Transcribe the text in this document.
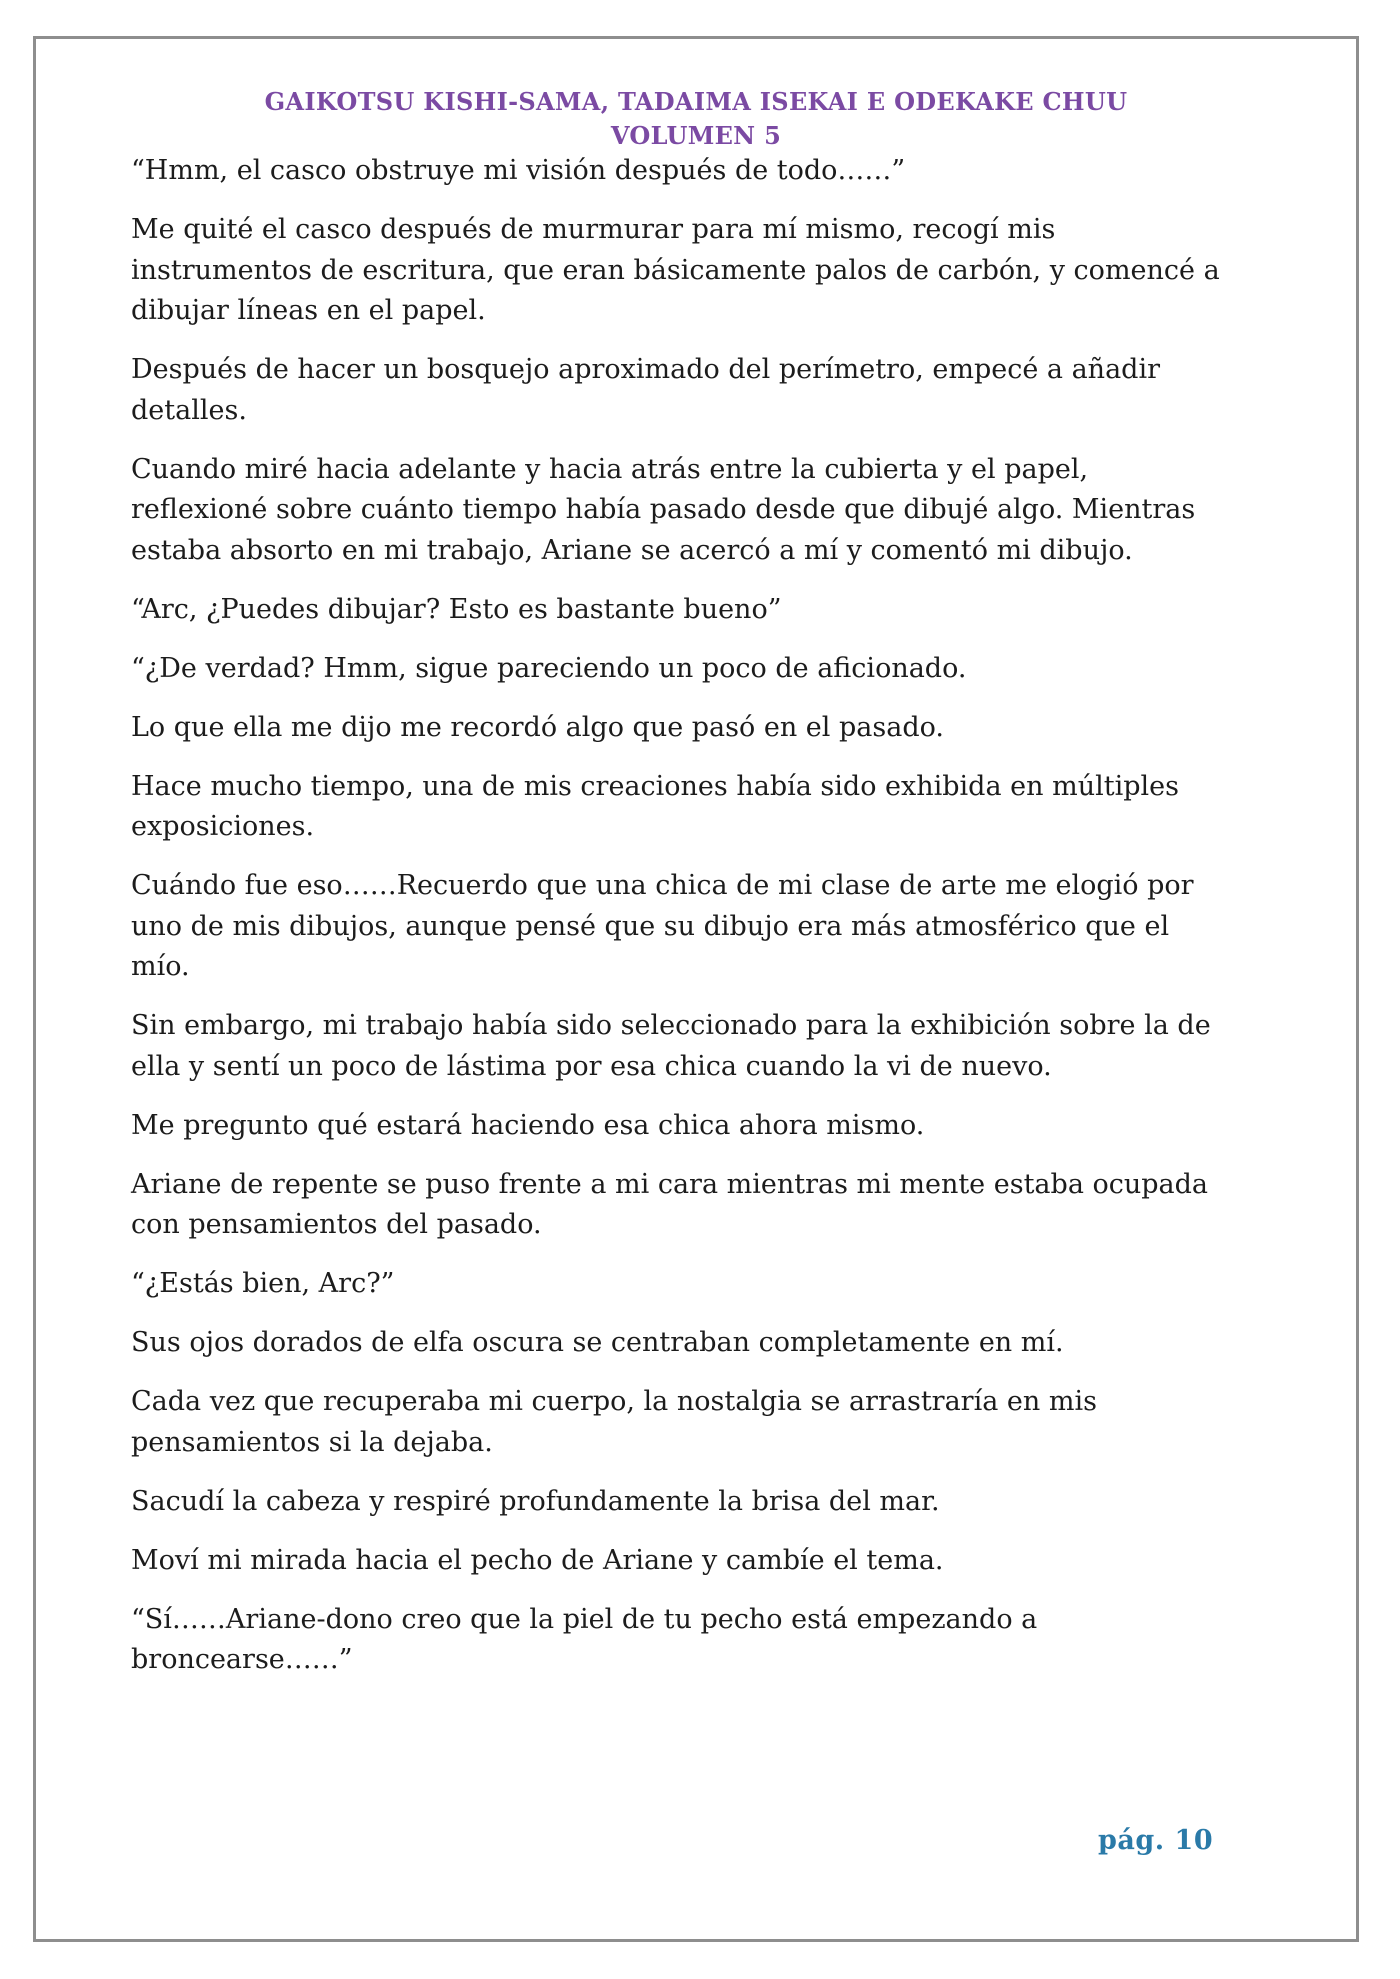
GAIKOTSU KISHI-SAMA, TADAIMA ISEKAI E ODEKAKE CHUU
VOLUMEN 5

“Hmm, el casco obstruye mi visión después de todo……”

Me quité el casco después de murmurar para mí mismo, recogí mis instrumentos de escritura, que eran básicamente palos de carbón, y comencé a dibujar líneas en el papel.

Después de hacer un bosquejo aproximado del perímetro, empecé a añadir detalles.

Cuando miré hacia adelante y hacia atrás entre la cubierta y el papel, reflexioné sobre cuánto tiempo había pasado desde que dibujé algo. Mientras estaba absorto en mi trabajo, Ariane se acercó a mí y comentó mi dibujo.

“Arc, ¿Puedes dibujar? Esto es bastante bueno”

“¿De verdad? Hmm, sigue pareciendo un poco de aficionado.

Lo que ella me dijo me recordó algo que pasó en el pasado.

Hace mucho tiempo, una de mis creaciones había sido exhibida en múltiples exposiciones.

Cuándo fue eso……Recuerdo que una chica de mi clase de arte me elogió por uno de mis dibujos, aunque pensé que su dibujo era más atmosférico que el mío.

Sin embargo, mi trabajo había sido seleccionado para la exhibición sobre la de ella y sentí un poco de lástima por esa chica cuando la vi de nuevo.

Me pregunto qué estará haciendo esa chica ahora mismo.

Ariane de repente se puso frente a mi cara mientras mi mente estaba ocupada con pensamientos del pasado.

“¿Estás bien, Arc?”

Sus ojos dorados de elfa oscura se centraban completamente en mí.

Cada vez que recuperaba mi cuerpo, la nostalgia se arrastraría en mis pensamientos si la dejaba.

Sacudí la cabeza y respiré profundamente la brisa del mar.

Moví mi mirada hacia el pecho de Ariane y cambíe el tema.

“Sí……Ariane-dono creo que la piel de tu pecho está empezando a broncearse……”

pág. 10
